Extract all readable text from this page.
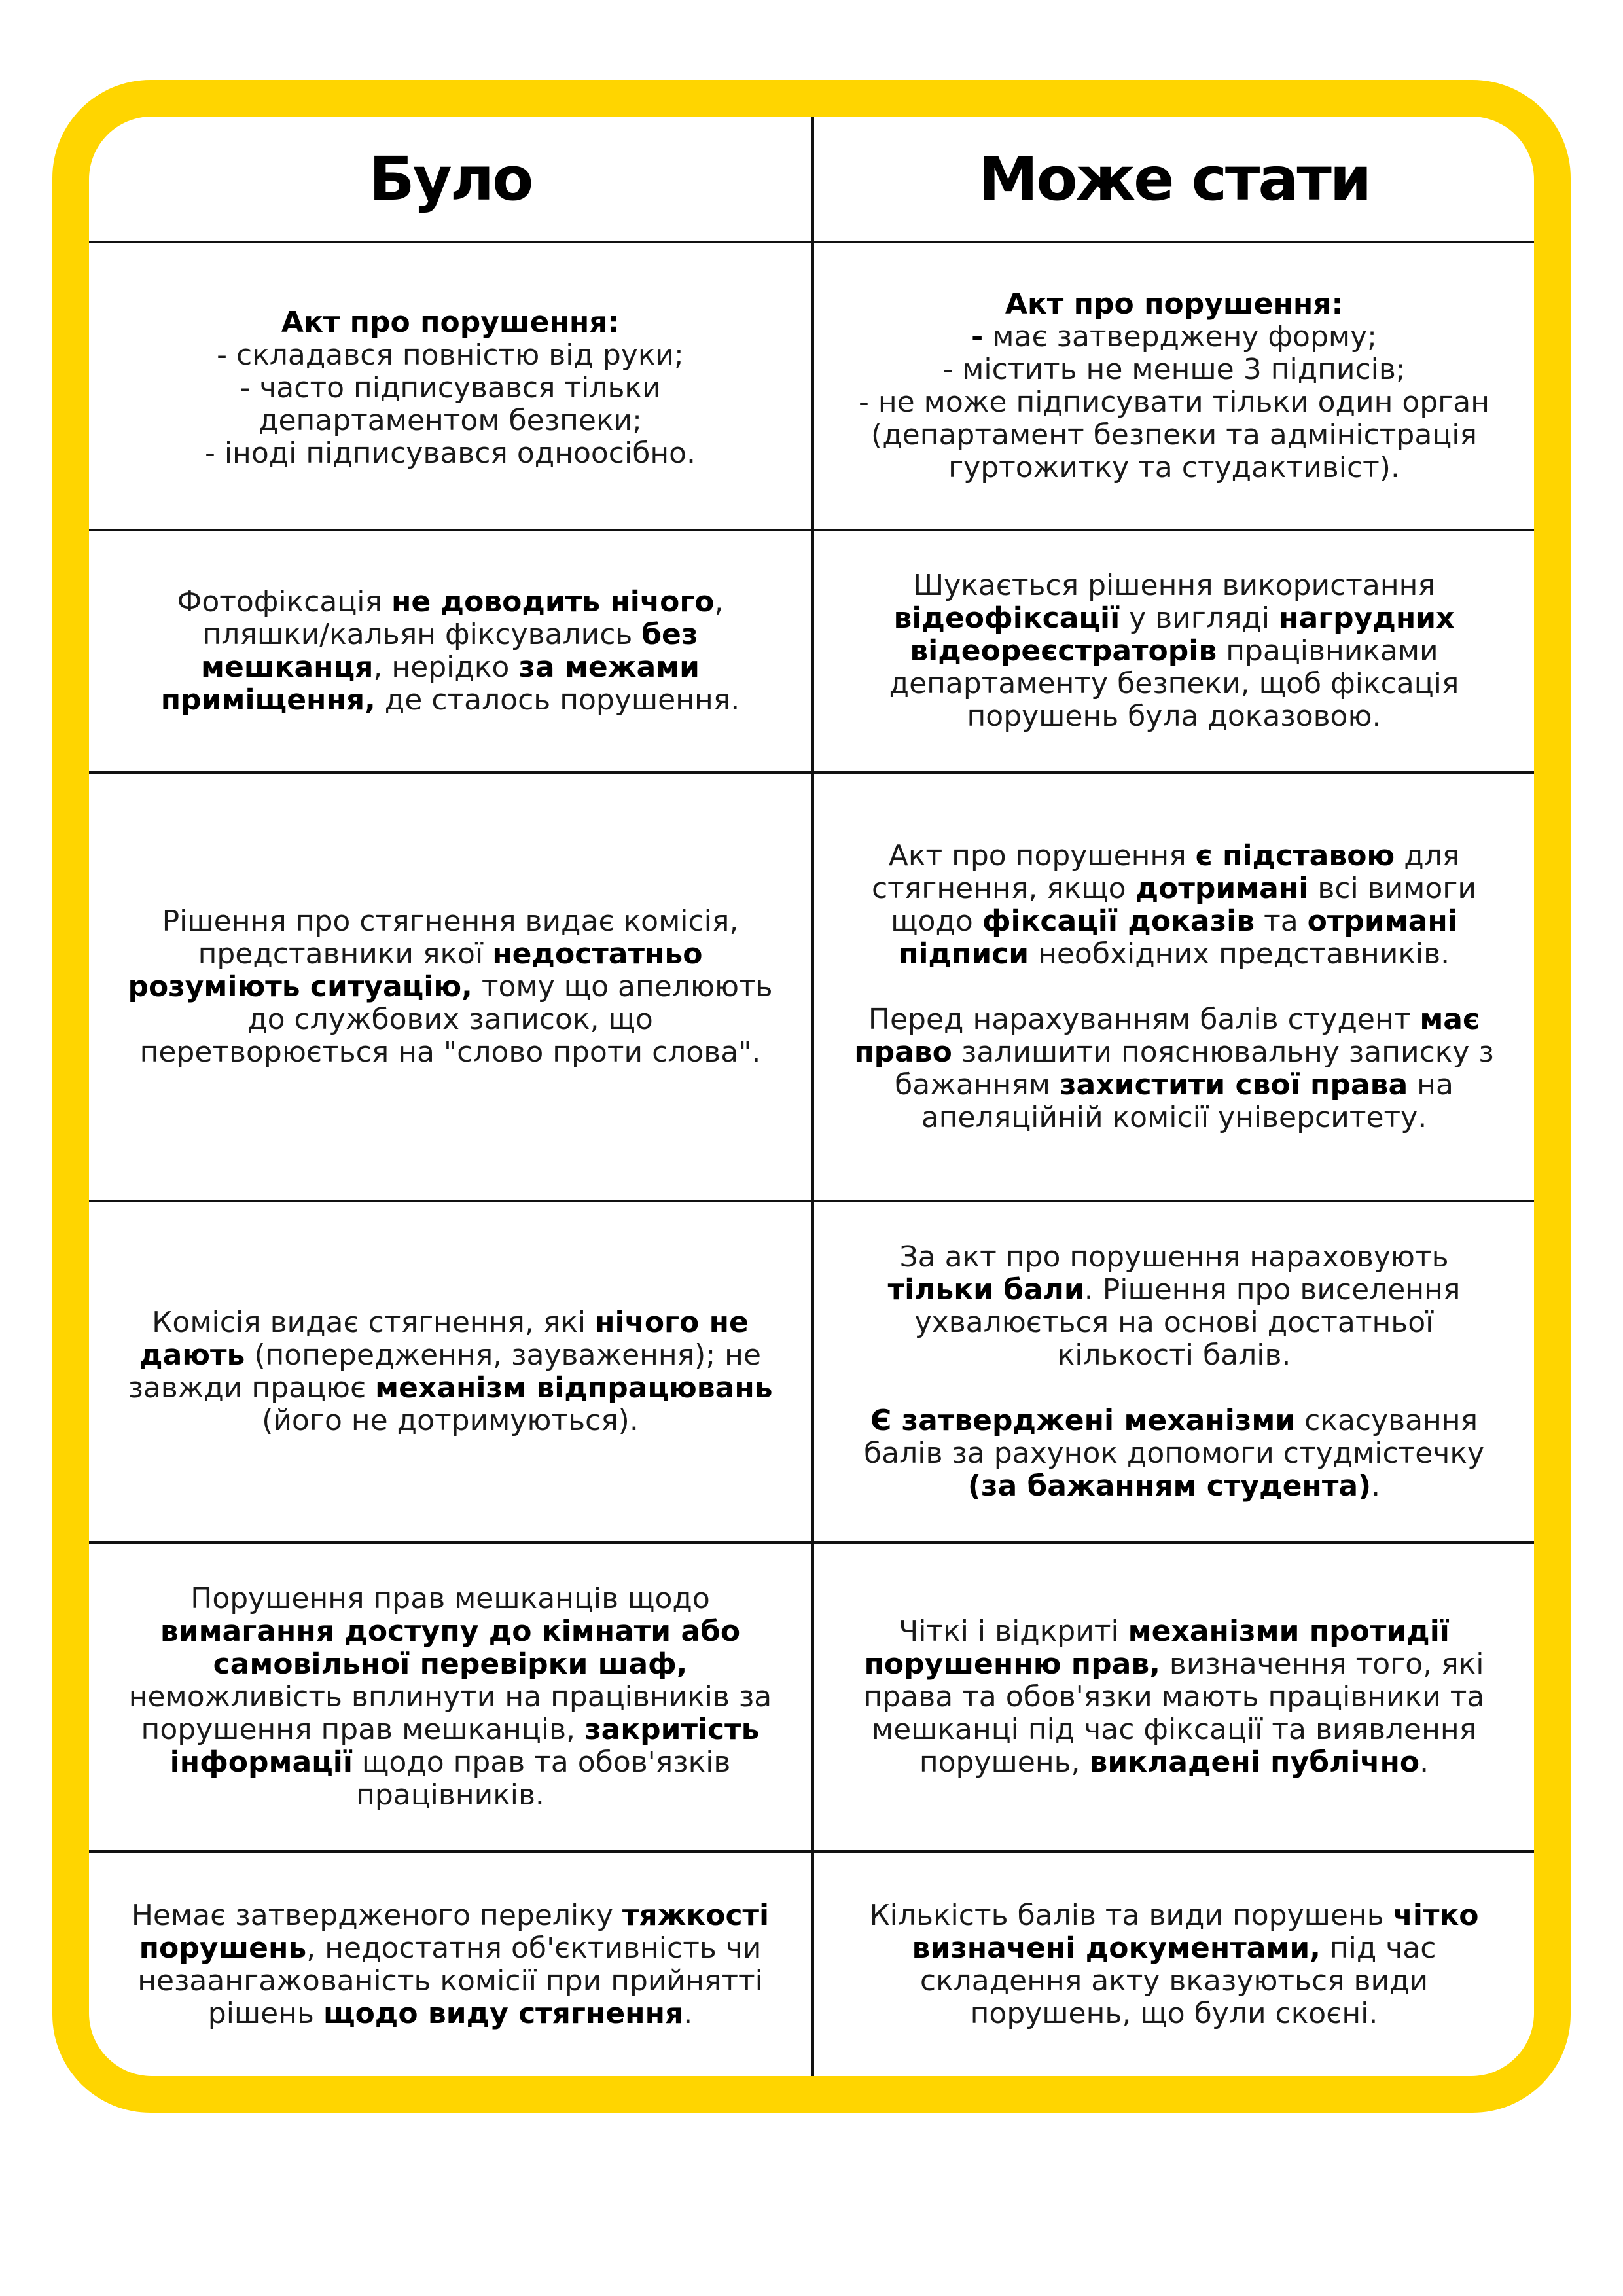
Було	Може стати

Акт про порушення:
- складався повністю від руки;
- часто підписувався тільки департаментом безпеки;
- іноді підписувався одноосібно.

Акт про порушення:
- має затверджену форму;
- містить не менше 3 підписів;
- не може підписувати тільки один орган (департамент безпеки та адміністрація гуртожитку та студактивіст).

Фотофіксація не доводить нічого, пляшки/кальян фіксувались без мешканця, нерідко за межами приміщення, де сталось порушення.

Шукається рішення використання відеофіксації у вигляді нагрудних відеореєстраторів працівниками департаменту безпеки, щоб фіксація порушень була доказовою.

Рішення про стягнення видає комісія, представники якої недостатньо розуміють ситуацію, тому що апелюють до службових записок, що перетворюється на "слово проти слова".

Акт про порушення є підставою для стягнення, якщо дотримані всі вимоги щодо фіксації доказів та отримані підписи необхідних представників.

Перед нарахуванням балів студент має право залишити пояснювальну записку з бажанням захистити свої права на апеляційній комісії університету.

Комісія видає стягнення, які нічого не дають (попередження, зауваження); не завжди працює механізм відпрацювань (його не дотримуються).

За акт про порушення нараховують тільки бали. Рішення про виселення ухвалюється на основі достатньої кількості балів.

Є затверджені механізми скасування балів за рахунок допомоги студмістечку (за бажанням студента).

Порушення прав мешканців щодо вимагання доступу до кімнати або самовільної перевірки шаф, неможливість вплинути на працівників за порушення прав мешканців, закритість інформації щодо прав та обов'язків працівників.

Чіткі і відкриті механізми протидії порушенню прав, визначення того, які права та обов'язки мають працівники та мешканці під час фіксації та виявлення порушень, викладені публічно.

Немає затвердженого переліку тяжкості порушень, недостатня об'єктивність чи незаангажованість комісії при прийнятті рішень щодо виду стягнення.

Кількість балів та види порушень чітко визначені документами, під час складення акту вказуються види порушень, що були скоєні.
